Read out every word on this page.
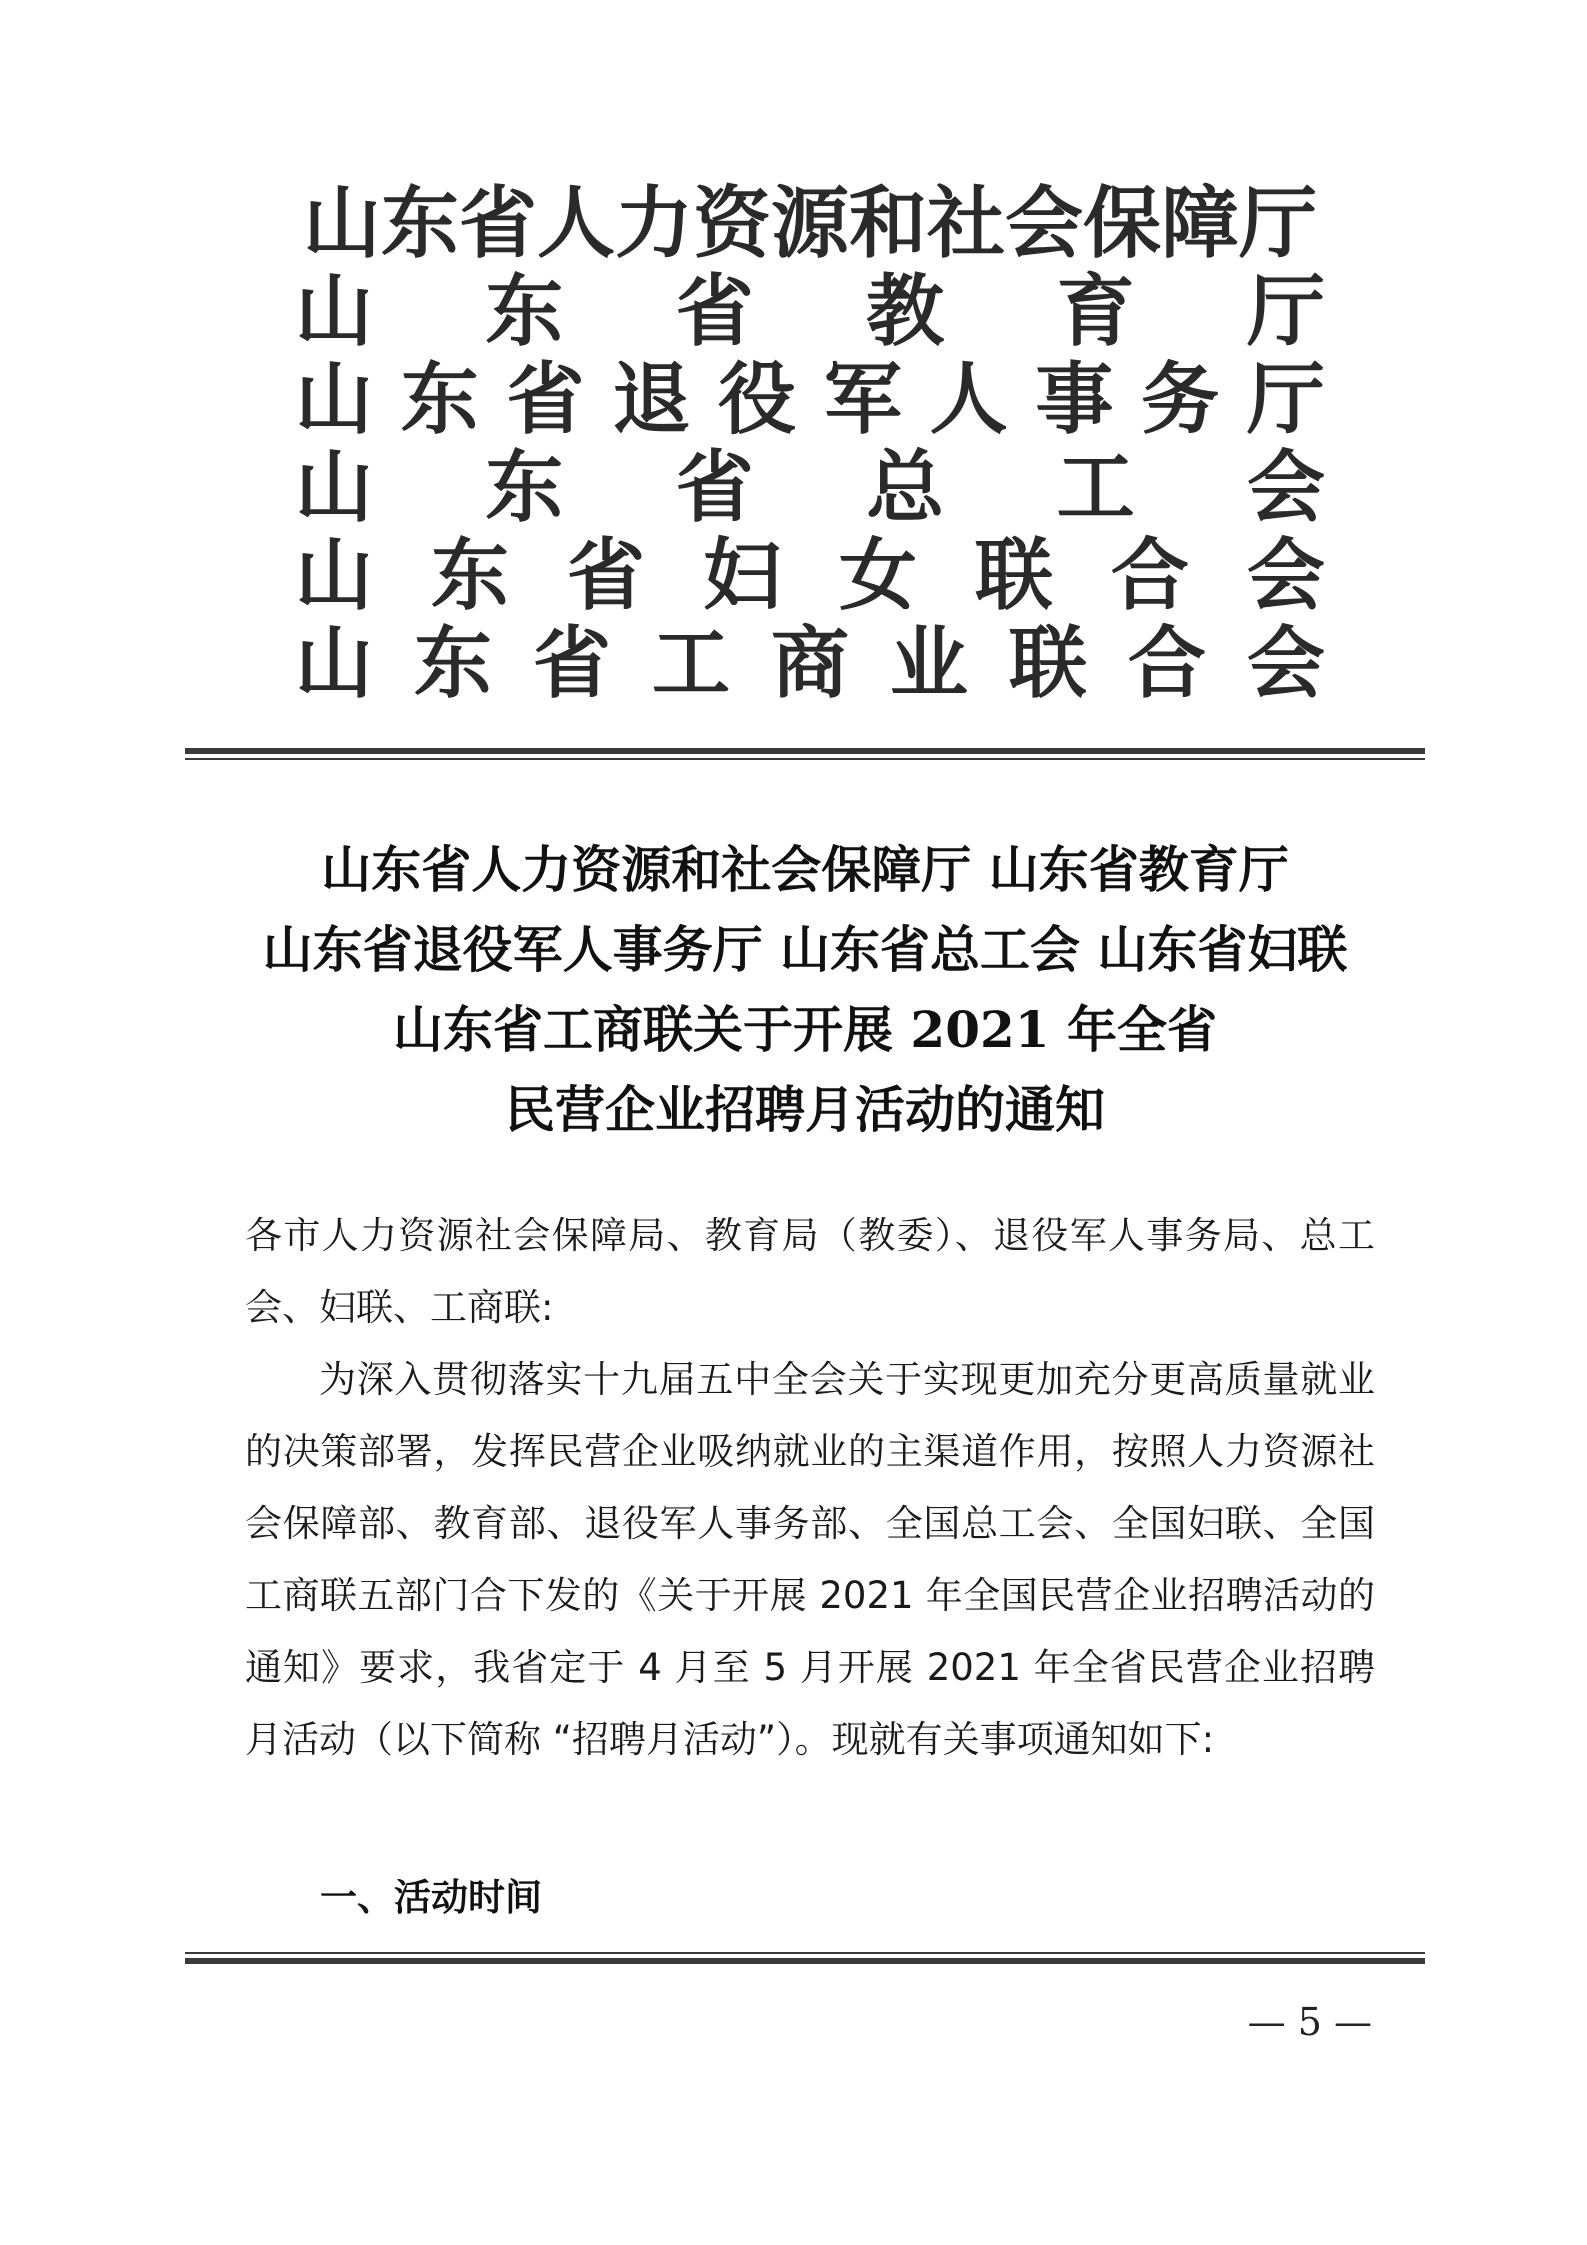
山东省人力资源和社会保障厅
山 东 省 教 育 厅
山 东 省 退 役 军 人 事 务 厅
山 东 省 总 工 会
山 东 省 妇 女 联 合 会
山 东 省 工 商 业 联 合 会
山东省人力资源和社会保障厅 山东省教育厅
山东省退役军人事务厅 山东省总工会 山东省妇联
山东省工商联关于开展 2021 年全省
民营企业招聘月活动的通知

各市人力资源社会保障局、教育局（教委）、退役军人事务局、总工会、妇联、工商联:

为深入贯彻落实十九届五中全会关于实现更加充分更高质量就业的决策部署，发挥民营企业吸纳就业的主渠道作用，按照人力资源社会保障部、教育部、退役军人事务部、全国总工会、全国妇联、全国工商联五部门合下发的《关于开展 2021 年全国民营企业招聘活动的通知》要求，我省定于 4 月至 5 月开展 2021 年全省民营企业招聘月活动（以下简称 “招聘月活动”）。现就有关事项通知如下:

一、活动时间
— 5 —
